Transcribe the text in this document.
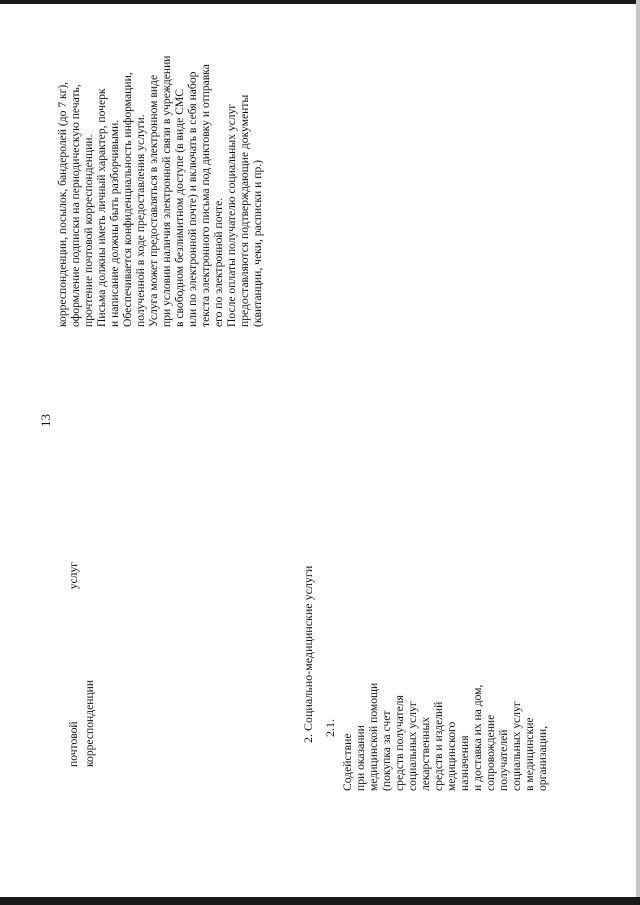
13
почтовой
услуг
корреспонденции
корреспонденции, посылок, бандеролей (до 7 кг), оформление подписки на периодическую печать, прочтение почтовой корреспонденции. Письма должны иметь личный характер, почерк и написание должны быть разборчивыми. Обеспечивается конфиденциальность информации, полученной в ходе предоставления услуги. Услуга может предоставляться в электронном виде при условии наличия электронной связи в учреждении в свободном безлимитном доступе (в виде СМС или по электронной почте) и включать в себя набор текста электронного письма под диктовку и отправка его по электронной почте. После оплаты получателю социальных услуг предоставляются подтверждающие документы (квитанции, чеки, расписки и пр.)
2. Социально-медицинские услуги 2.1.
Содействие при оказании медицинской помощи (покупка за счет средств получателя социальных услуг лекарственных средств и изделий медицинского назначения и доставка их на дом, сопровождение получателей социальных услуг в медицинские организации,
